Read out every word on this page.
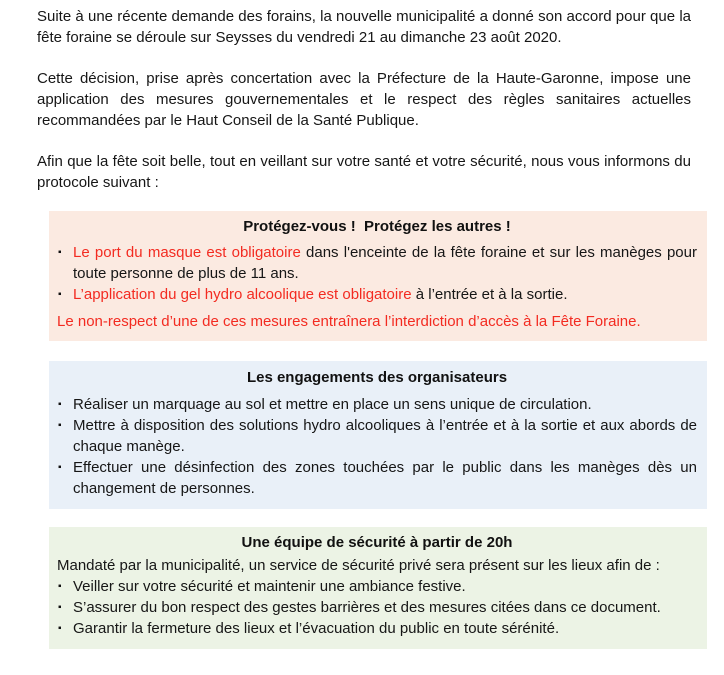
Suite à une récente demande des forains, la nouvelle municipalité a donné son accord pour que la fête foraine se déroule sur Seysses du vendredi 21 au dimanche 23 août 2020.

Cette décision, prise après concertation avec la Préfecture de la Haute-Garonne, impose une application des mesures gouvernementales et le respect des règles sanitaires actuelles recommandées par le Haut Conseil de la Santé Publique.

Afin que la fête soit belle, tout en veillant sur votre santé et votre sécurité, nous vous informons du protocole suivant :

Protégez-vous !  Protégez les autres !
▪ Le port du masque est obligatoire dans l'enceinte de la fête foraine et sur les manèges pour toute personne de plus de 11 ans.
▪ L’application du gel hydro alcoolique est obligatoire à l’entrée et à la sortie.

Le non-respect d’une de ces mesures entraînera l’interdiction d’accès à la Fête Foraine.

Les engagements des organisateurs
▪ Réaliser un marquage au sol et mettre en place un sens unique de circulation.
▪ Mettre à disposition des solutions hydro alcooliques à l’entrée et à la sortie et aux abords de chaque manège.
▪ Effectuer une désinfection des zones touchées par le public dans les manèges dès un changement de personnes.
Une équipe de sécurité à partir de 20h

Mandaté par la municipalité, un service de sécurité privé sera présent sur les lieux afin de :

▪ Veiller sur votre sécurité et maintenir une ambiance festive.
▪ S’assurer du bon respect des gestes barrières et des mesures citées dans ce document.
▪ Garantir la fermeture des lieux et l’évacuation du public en toute sérénité.
